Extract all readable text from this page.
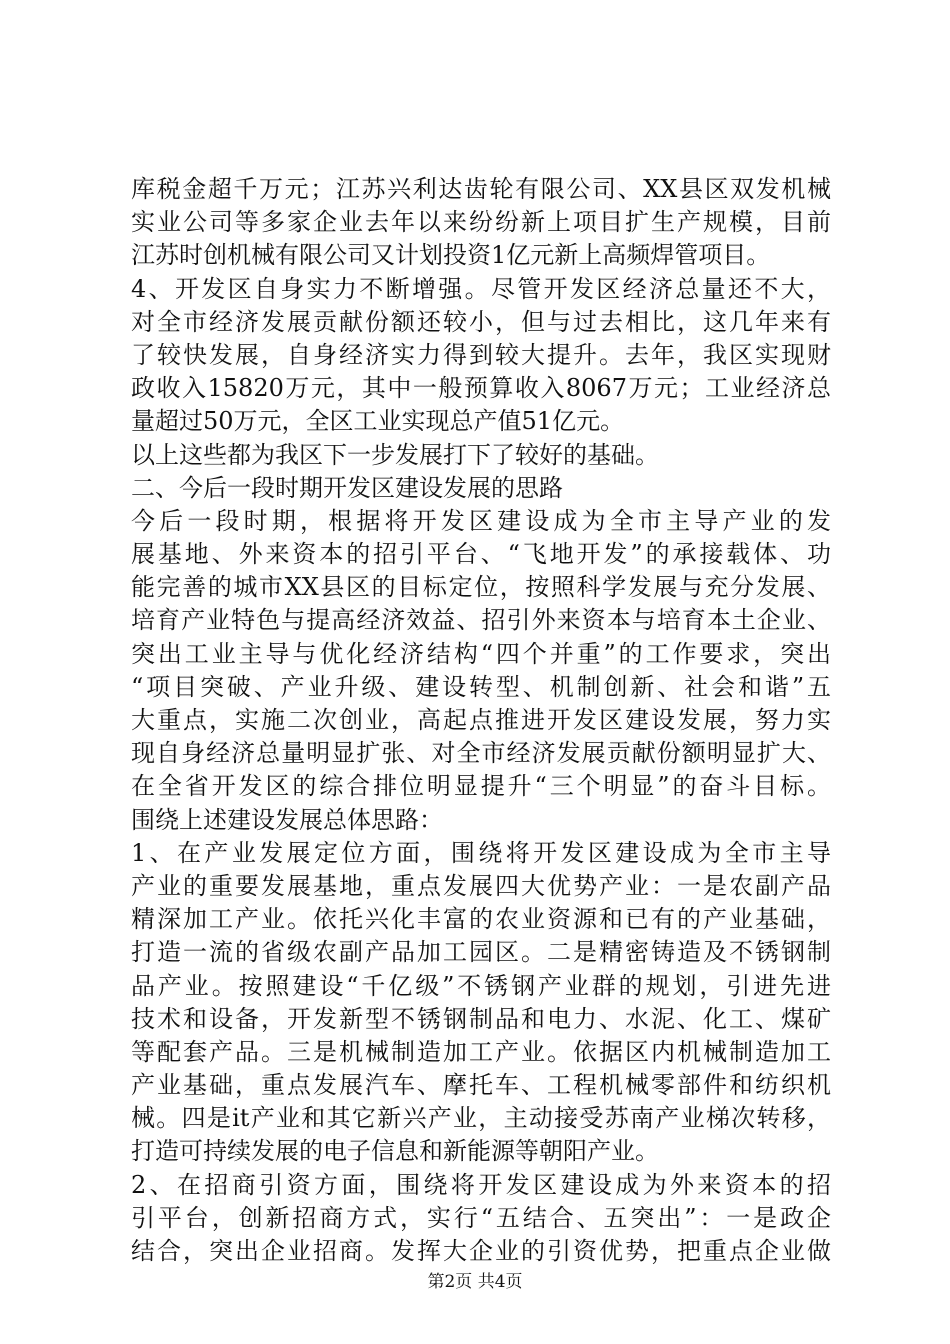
库税金超千万元；江苏兴利达齿轮有限公司、XX县区双发机械
实业公司等多家企业去年以来纷纷新上项目扩生产规模，目前
江苏时创机械有限公司又计划投资1亿元新上高频焊管项目。
4、开发区自身实力不断增强。尽管开发区经济总量还不大，
对全市经济发展贡献份额还较小，但与过去相比，这几年来有
了较快发展，自身经济实力得到较大提升。去年，我区实现财
政收入15820万元，其中一般预算收入8067万元；工业经济总
量超过50万元，全区工业实现总产值51亿元。
以上这些都为我区下一步发展打下了较好的基础。
二、今后一段时期开发区建设发展的思路
今后一段时期，根据将开发区建设成为全市主导产业的发
展基地、外来资本的招引平台、“飞地开发”的承接载体、功
能完善的城市XX县区的目标定位，按照科学发展与充分发展、
培育产业特色与提高经济效益、招引外来资本与培育本土企业、
突出工业主导与优化经济结构“四个并重”的工作要求，突出
“项目突破、产业升级、建设转型、机制创新、社会和谐”五
大重点，实施二次创业，高起点推进开发区建设发展，努力实
现自身经济总量明显扩张、对全市经济发展贡献份额明显扩大、
在全省开发区的综合排位明显提升“三个明显”的奋斗目标。
围绕上述建设发展总体思路：
1、在产业发展定位方面，围绕将开发区建设成为全市主导
产业的重要发展基地，重点发展四大优势产业：一是农副产品
精深加工产业。依托兴化丰富的农业资源和已有的产业基础，
打造一流的省级农副产品加工园区。二是精密铸造及不锈钢制
品产业。按照建设“千亿级”不锈钢产业群的规划，引进先进
技术和设备，开发新型不锈钢制品和电力、水泥、化工、煤矿
等配套产品。三是机械制造加工产业。依据区内机械制造加工
产业基础，重点发展汽车、摩托车、工程机械零部件和纺织机
械。四是it产业和其它新兴产业，主动接受苏南产业梯次转移，
打造可持续发展的电子信息和新能源等朝阳产业。
2、在招商引资方面，围绕将开发区建设成为外来资本的招
引平台，创新招商方式，实行“五结合、五突出”：一是政企
结合，突出企业招商。发挥大企业的引资优势，把重点企业做
第2页 共4页
